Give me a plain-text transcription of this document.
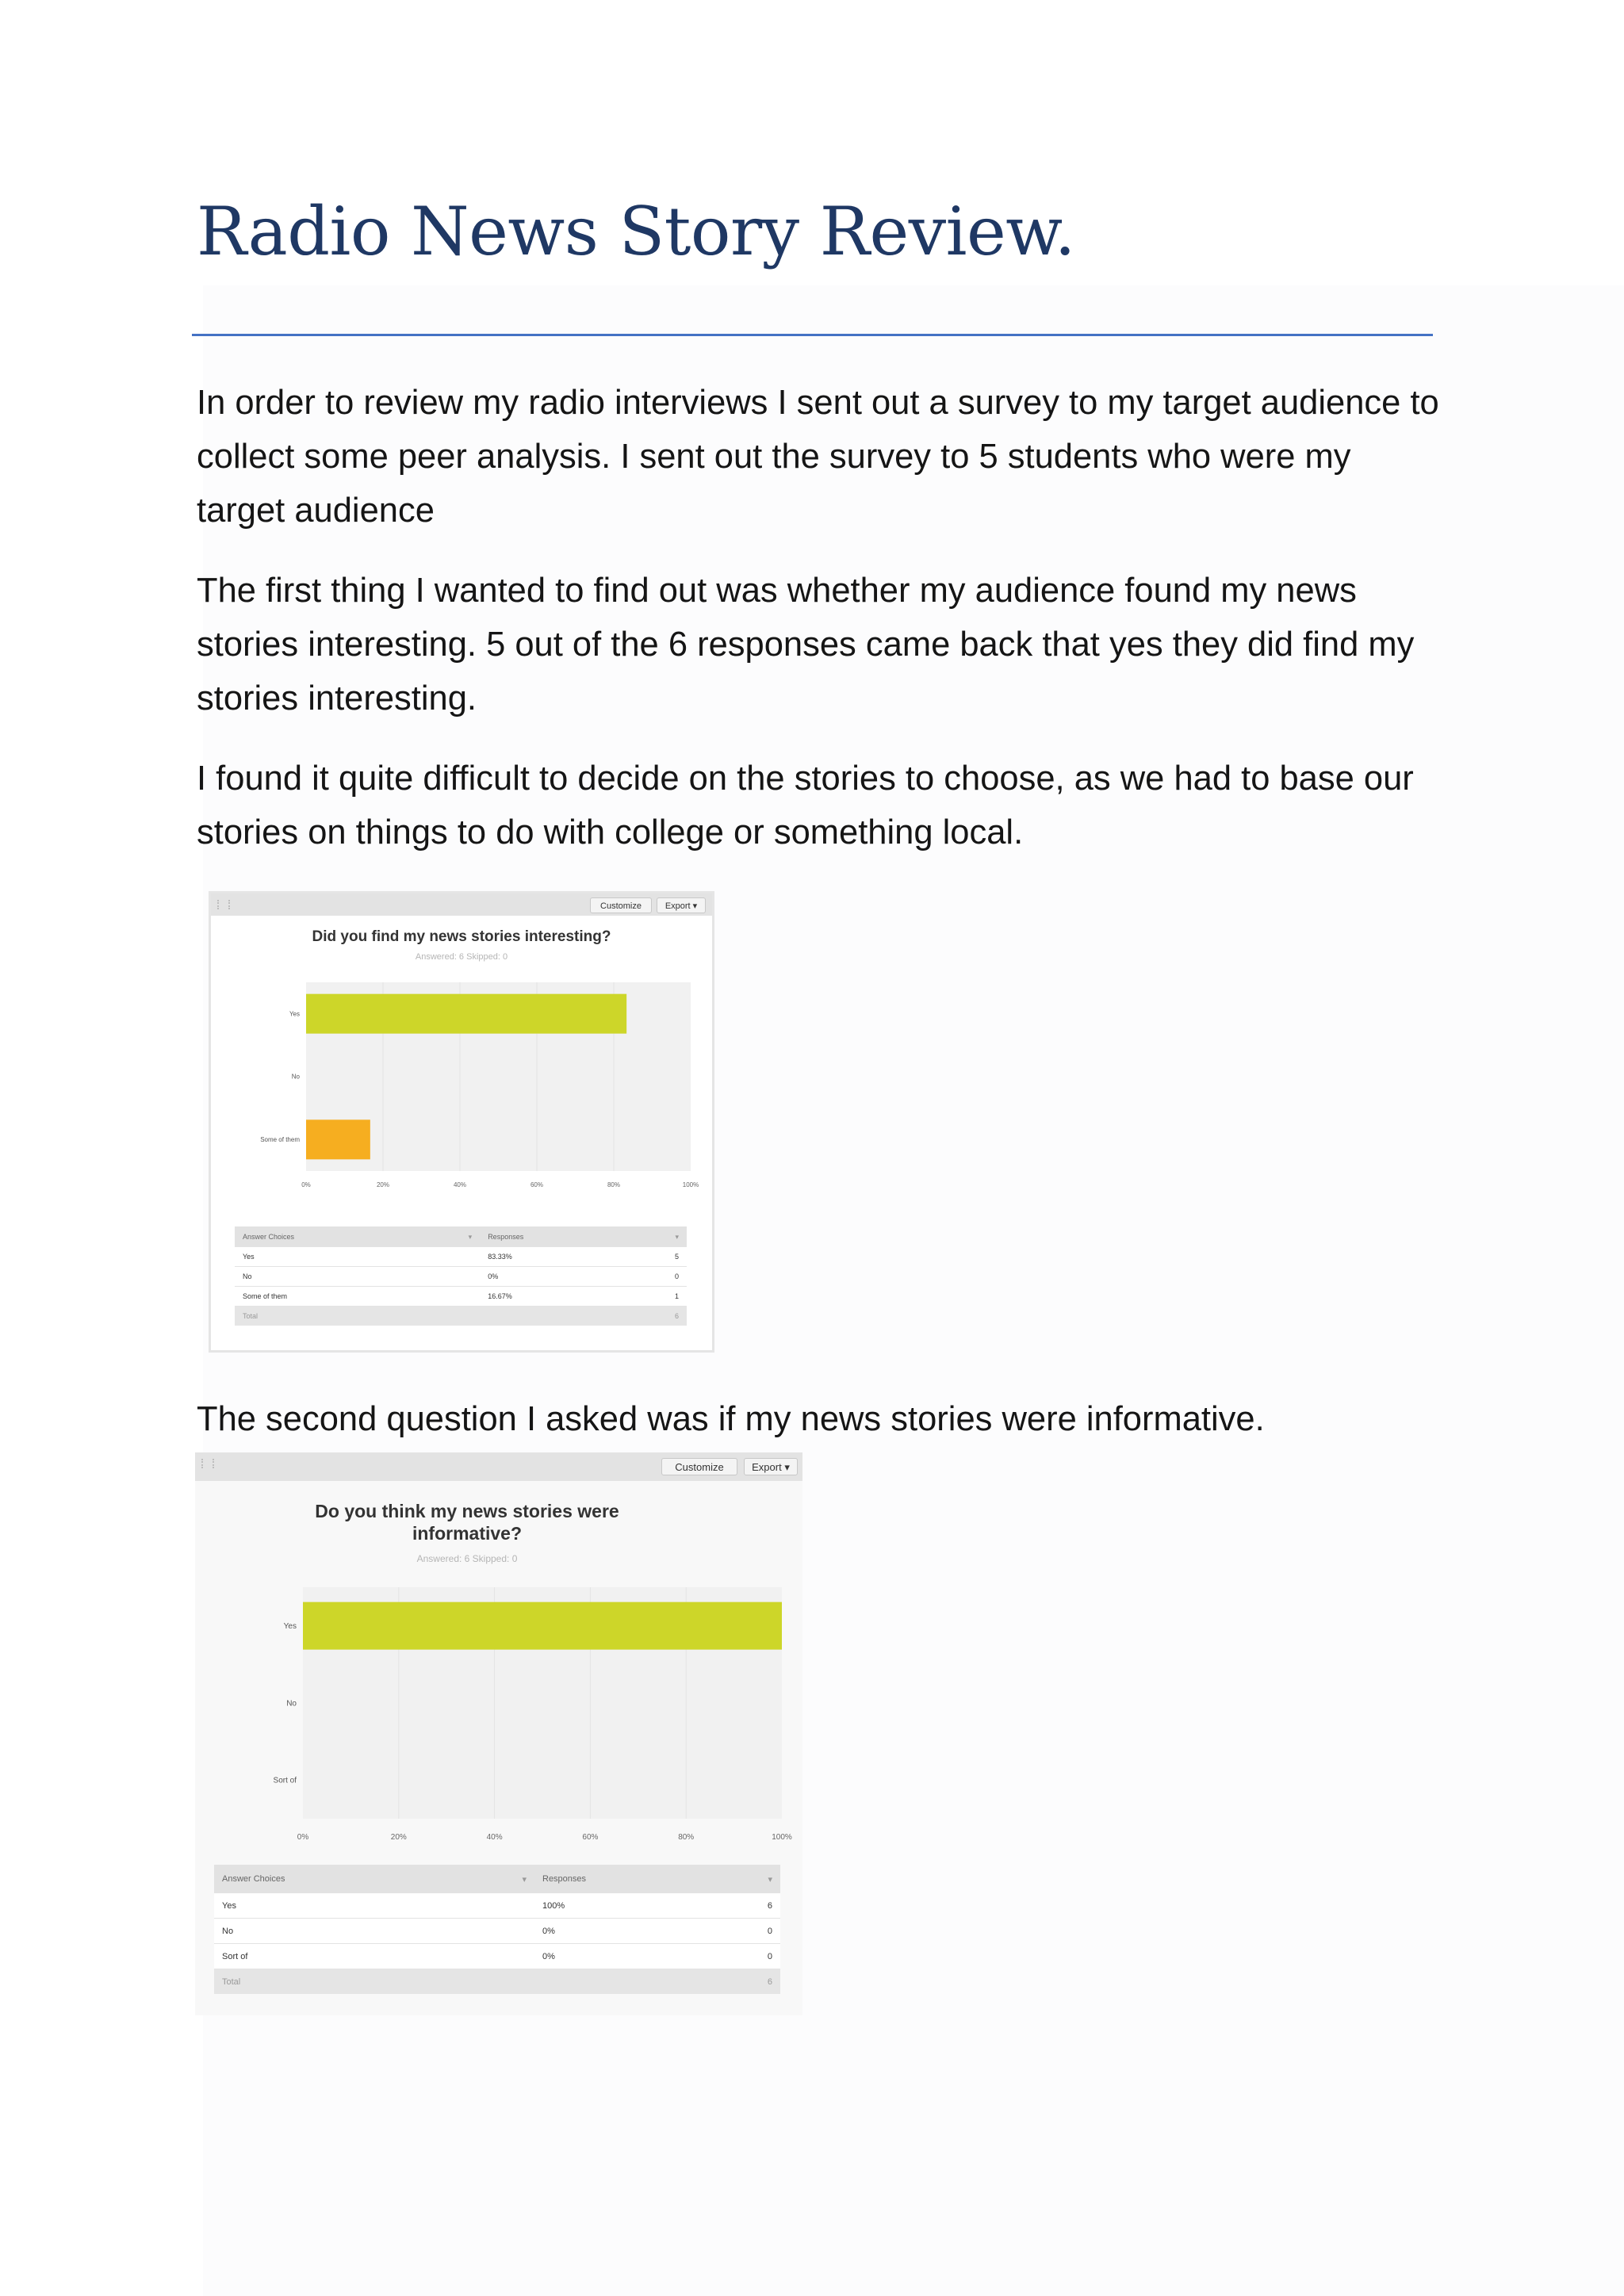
Radio News Story Review.

In order to review my radio interviews I sent out a survey to my target audience to collect some peer analysis. I sent out the survey to 5 students who were my target audience

The first thing I wanted to find out was whether my audience found my news stories interesting. 5 out of the 6 responses came back that yes they did find my stories interesting.

I found it quite difficult to decide on the stories to choose, as we had to base our stories on things to do with college or something local.

Customize	Export ▾
Did you find my news stories interesting?
Answered: 6 Skipped: 0
0%	20%	40%	60%	80%	100%
Yes
No
Some of them
Answer Choices ▾	Responses ▾	

Yes	83.33%	5
No	0%	0
Some of them	16.67%	1
Total		6

The second question I asked was if my news stories were informative.

Customize	Export ▾
Do you think my news stories were informative?
Answered: 6 Skipped: 0
0%	20%	40%	60%	80%	100%
Yes
No
Sort of
Answer Choices ▾	Responses ▾	

Yes	100%	6
No	0%	0
Sort of	0%	0
Total		6
